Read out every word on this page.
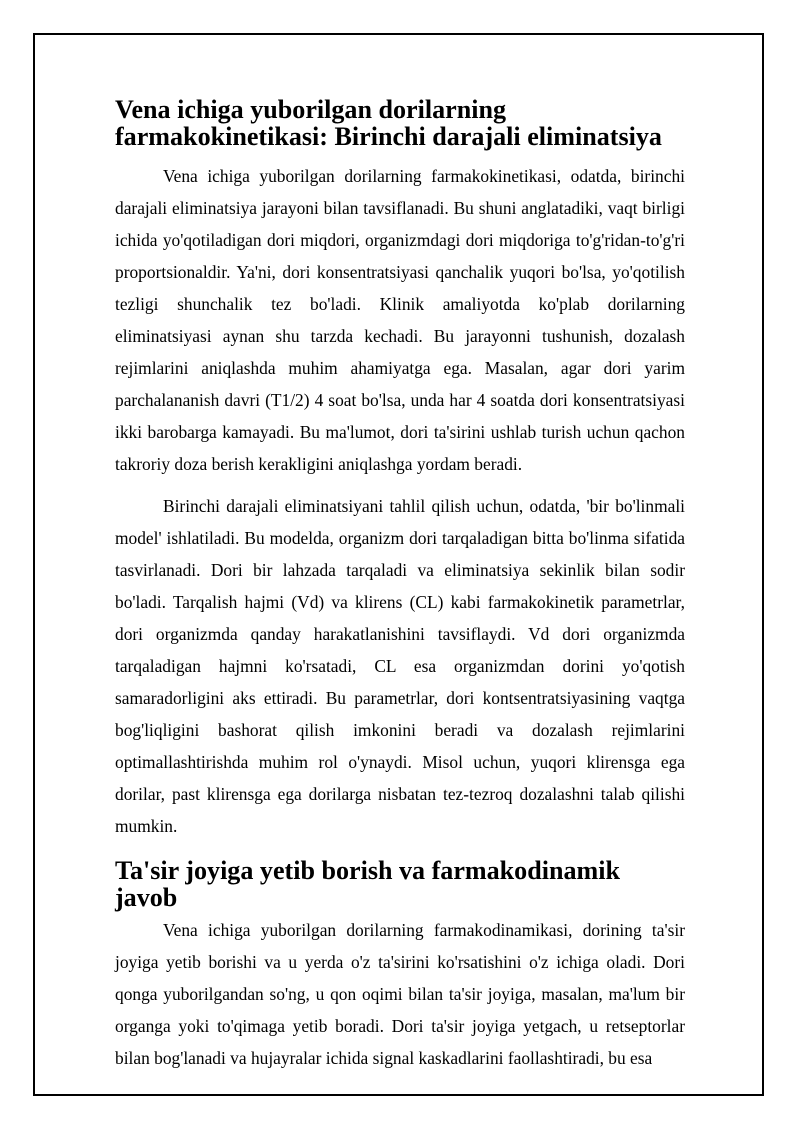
Vena ichiga yuborilgan dorilarning farmakokinetikasi: Birinchi darajali eliminatsiya

Vena ichiga yuborilgan dorilarning farmakokinetikasi, odatda, birinchi darajali eliminatsiya jarayoni bilan tavsiflanadi. Bu shuni anglatadiki, vaqt birligi ichida yo'qotiladigan dori miqdori, organizmdagi dori miqdoriga to'g'ridan-to'g'ri proportsionaldir. Ya'ni, dori konsentratsiyasi qanchalik yuqori bo'lsa, yo'qotilish tezligi shunchalik tez bo'ladi. Klinik amaliyotda ko'plab dorilarning eliminatsiyasi aynan shu tarzda kechadi. Bu jarayonni tushunish, dozalash rejimlarini aniqlashda muhim ahamiyatga ega. Masalan, agar dori yarim parchalananish davri (T1/2) 4 soat bo'lsa, unda har 4 soatda dori konsentratsiyasi ikki barobarga kamayadi. Bu ma'lumot, dori ta'sirini ushlab turish uchun qachon takroriy doza berish kerakligini aniqlashga yordam beradi.

Birinchi darajali eliminatsiyani tahlil qilish uchun, odatda, 'bir bo'linmali model' ishlatiladi. Bu modelda, organizm dori tarqaladigan bitta bo'linma sifatida tasvirlanadi. Dori bir lahzada tarqaladi va eliminatsiya sekinlik bilan sodir bo'ladi. Tarqalish hajmi (Vd) va klirens (CL) kabi farmakokinetik parametrlar, dori organizmda qanday harakatlanishini tavsiflaydi. Vd dori organizmda tarqaladigan hajmni ko'rsatadi, CL esa organizmdan dorini yo'qotish samaradorligini aks ettiradi. Bu parametrlar, dori kontsentratsiyasining vaqtga bog'liqligini bashorat qilish imkonini beradi va dozalash rejimlarini optimallashtirishda muhim rol o'ynaydi. Misol uchun, yuqori klirensga ega dorilar, past klirensga ega dorilarga nisbatan tez-tezroq dozalashni talab qilishi mumkin.

Ta'sir joyiga yetib borish va farmakodinamik javob

Vena ichiga yuborilgan dorilarning farmakodinamikasi, dorining ta'sir joyiga yetib borishi va u yerda o'z ta'sirini ko'rsatishini o'z ichiga oladi. Dori qonga yuborilgandan so'ng, u qon oqimi bilan ta'sir joyiga, masalan, ma'lum bir organga yoki to'qimaga yetib boradi. Dori ta'sir joyiga yetgach, u retseptorlar bilan bog'lanadi va hujayralar ichida signal kaskadlarini faollashtiradi, bu esa
